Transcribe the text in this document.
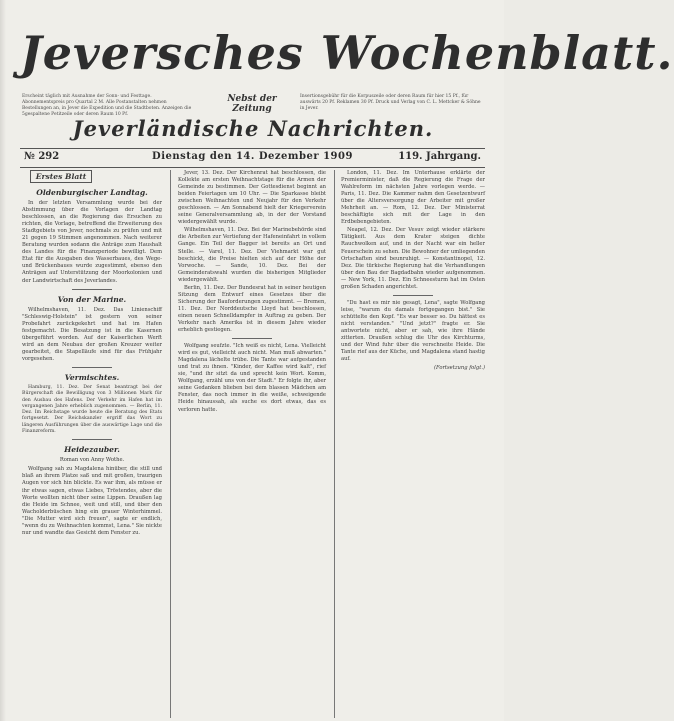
Jeversches Wochenblatt.
Erscheint täglich mit Ausnahme der Sonn- und Festtage. Abonnementspreis pro Quartal 2 M. Alle Postanstalten nehmen Bestellungen an, in Jever die Expedition und die Stadtboten. Anzeigen die 5gespaltene Petitzeile oder deren Raum 10 Pf.
Nebst der Zeitung
Insertionsgebühr für die Korpuszeile oder deren Raum für hier 15 Pf., für auswärts 20 Pf. Reklamen 30 Pf. Druck und Verlag von C. L. Mettcker & Söhne in Jever.
Jeverländische Nachrichten.
№ 292	Dienstag den 14. Dezember 1909	119. Jahrgang.
Erstes Blatt
Oldenburgischer Landtag.
In der letzten Versammlung wurde bei der Abstimmung über die Vorlagen der Landtag beschlossen, an die Regierung das Ersuchen zu richten, die Vorlage, betreffend die Erweiterung des Stadtgebiets von Jever, nochmals zu prüfen und mit 21 gegen 19 Stimmen angenommen. Nach weiterer Beratung wurden sodann die Anträge zum Haushalt des Landes für die Finanzperiode bewilligt. Dem Etat für die Ausgaben des Wasserbaues, des Wege- und Brückenbaues wurde zugestimmt, ebenso den Anträgen auf Unterstützung der Moorkolonien und der Landwirtschaft des Jeverlandes.
Von der Marine.
Wilhelmshaven, 11. Dez. Das Linienschiff "Schleswig-Holstein" ist gestern von seiner Probefahrt zurückgekehrt und hat im Hafen festgemacht. Die Besatzung ist in die Kasernen übergeführt worden. Auf der Kaiserlichen Werft wird an dem Neubau der großen Kreuzer weiter gearbeitet, die Stapelläufe sind für das Frühjahr vorgesehen.
Vermischtes.
Hamburg, 11. Dez. Der Senat beantragt bei der Bürgerschaft die Bewilligung von 3 Millionen Mark für den Ausbau des Hafens. Der Verkehr im Hafen hat im vergangenen Jahre erheblich zugenommen. — Berlin, 11. Dez. Im Reichstage wurde heute die Beratung des Etats fortgesetzt. Der Reichskanzler ergriff das Wort zu längeren Ausführungen über die auswärtige Lage und die Finanzreform.
Heidezauber.
Roman von Anny Wothe.
Wolfgang sah zu Magdalena hinüber, die still und blaß an ihrem Platze saß und mit großen, traurigen Augen vor sich hin blickte. Es war ihm, als müsse er ihr etwas sagen, etwas Liebes, Tröstendes, aber die Worte wollten nicht über seine Lippen. Draußen lag die Heide im Schnee, weit und still, und über den Wacholderbüschen hing ein grauer Winterhimmel. "Die Mutter wird sich freuen", sagte er endlich, "wenn du zu Weihnachten kommst, Lena." Sie nickte nur und wandte das Gesicht dem Fenster zu.
Jever, 13. Dez. Der Kirchenrat hat beschlossen, die Kollekte am ersten Weihnachtstage für die Armen der Gemeinde zu bestimmen. Der Gottesdienst beginnt an beiden Feiertagen um 10 Uhr. — Die Sparkasse bleibt zwischen Weihnachten und Neujahr für den Verkehr geschlossen. — Am Sonnabend hielt der Kriegerverein seine Generalversammlung ab, in der der Vorstand wiedergewählt wurde.
Wilhelmshaven, 11. Dez. Bei der Marinebehörde sind die Arbeiten zur Vertiefung der Hafeneinfahrt in vollem Gange. Ein Teil der Bagger ist bereits an Ort und Stelle. — Varel, 11. Dez. Der Viehmarkt war gut beschickt, die Preise hielten sich auf der Höhe der Vorwoche. — Sande, 10. Dez. Bei der Gemeinderatswahl wurden die bisherigen Mitglieder wiedergewählt.
Berlin, 11. Dez. Der Bundesrat hat in seiner heutigen Sitzung dem Entwurf eines Gesetzes über die Sicherung der Bauforderungen zugestimmt. — Bremen, 11. Dez. Der Norddeutsche Lloyd hat beschlossen, einen neuen Schnelldampfer in Auftrag zu geben. Der Verkehr nach Amerika ist in diesem Jahre wieder erheblich gestiegen.
Wolfgang seufzte. "Ich weiß es nicht, Lena. Vielleicht wird es gut, vielleicht auch nicht. Man muß abwarten." Magdalena lächelte trübe. Die Tante war aufgestanden und trat zu ihnen. "Kinder, der Kaffee wird kalt", rief sie, "und ihr sitzt da und sprecht kein Wort. Komm, Wolfgang, erzähl uns von der Stadt." Er folgte ihr, aber seine Gedanken blieben bei dem blassen Mädchen am Fenster, das noch immer in die weiße, schweigende Heide hinaussah, als suche es dort etwas, das es verloren hatte.
London, 11. Dez. Im Unterhause erklärte der Premierminister, daß die Regierung die Frage der Wahlreform im nächsten Jahre vorlegen werde. — Paris, 11. Dez. Die Kammer nahm den Gesetzentwurf über die Altersversorgung der Arbeiter mit großer Mehrheit an. — Rom, 12. Dez. Der Ministerrat beschäftigte sich mit der Lage in den Erdbebengebieten.
Neapel, 12. Dez. Der Vesuv zeigt wieder stärkere Tätigkeit. Aus dem Krater steigen dichte Rauchwolken auf, und in der Nacht war ein heller Feuerschein zu sehen. Die Bewohner der umliegenden Ortschaften sind beunruhigt. — Konstantinopel, 12. Dez. Die türkische Regierung hat die Verhandlungen über den Bau der Bagdadbahn wieder aufgenommen. — New York, 11. Dez. Ein Schneesturm hat im Osten großen Schaden angerichtet.
"Du hast es mir nie gesagt, Lena", sagte Wolfgang leise, "warum du damals fortgegangen bist." Sie schüttelte den Kopf. "Es war besser so. Du hättest es nicht verstanden." "Und jetzt?" fragte er. Sie antwortete nicht, aber er sah, wie ihre Hände zitterten. Draußen schlug die Uhr des Kirchturms, und der Wind fuhr über die verschneite Heide. Die Tante rief aus der Küche, und Magdalena stand hastig auf.
(Fortsetzung folgt.)
